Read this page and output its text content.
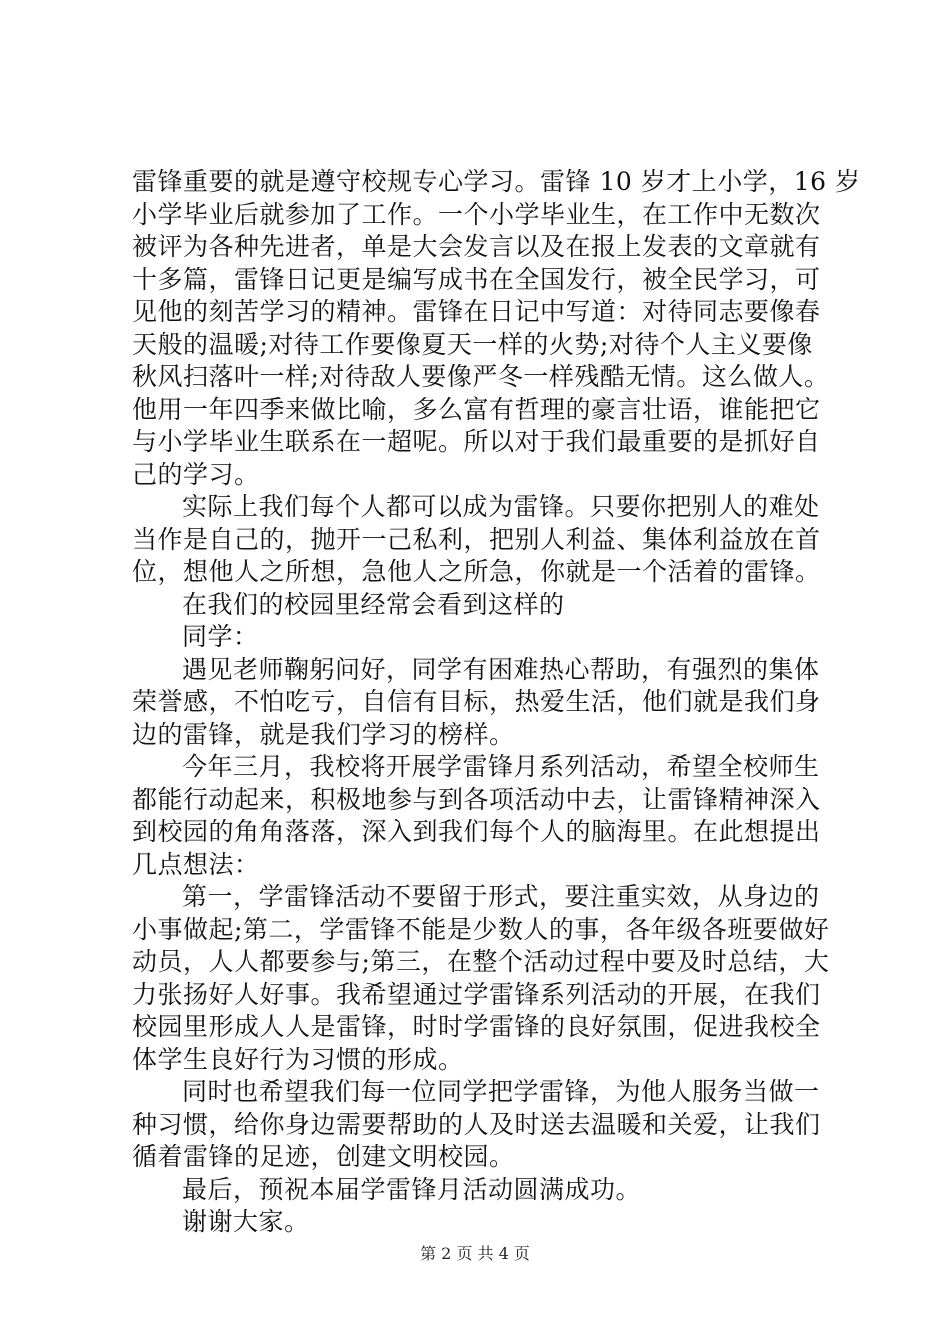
雷锋重要的就是遵守校规专心学习。雷锋 10 岁才上小学，16 岁
小学毕业后就参加了工作。一个小学毕业生，在工作中无数次
被评为各种先进者，单是大会发言以及在报上发表的文章就有
十多篇，雷锋日记更是编写成书在全国发行，被全民学习，可
见他的刻苦学习的精神。雷锋在日记中写道：对待同志要像春
天般的温暖;对待工作要像夏天一样的火势;对待个人主义要像
秋风扫落叶一样;对待敌人要像严冬一样残酷无情。这么做人。
他用一年四季来做比喻，多么富有哲理的豪言壮语，谁能把它
与小学毕业生联系在一超呢。所以对于我们最重要的是抓好自
己的学习。
实际上我们每个人都可以成为雷锋。只要你把别人的难处
当作是自己的，抛开一己私利，把别人利益、集体利益放在首
位，想他人之所想，急他人之所急，你就是一个活着的雷锋。
在我们的校园里经常会看到这样的
同学：
遇见老师鞠躬问好，同学有困难热心帮助，有强烈的集体
荣誉感，不怕吃亏，自信有目标，热爱生活，他们就是我们身
边的雷锋，就是我们学习的榜样。
今年三月，我校将开展学雷锋月系列活动，希望全校师生
都能行动起来，积极地参与到各项活动中去，让雷锋精神深入
到校园的角角落落，深入到我们每个人的脑海里。在此想提出
几点想法：
第一，学雷锋活动不要留于形式，要注重实效，从身边的
小事做起;第二，学雷锋不能是少数人的事，各年级各班要做好
动员，人人都要参与;第三，在整个活动过程中要及时总结，大
力张扬好人好事。我希望通过学雷锋系列活动的开展，在我们
校园里形成人人是雷锋，时时学雷锋的良好氛围，促进我校全
体学生良好行为习惯的形成。
同时也希望我们每一位同学把学雷锋，为他人服务当做一
种习惯，给你身边需要帮助的人及时送去温暖和关爱，让我们
循着雷锋的足迹，创建文明校园。
最后，预祝本届学雷锋月活动圆满成功。
谢谢大家。
第 2 页 共 4 页
